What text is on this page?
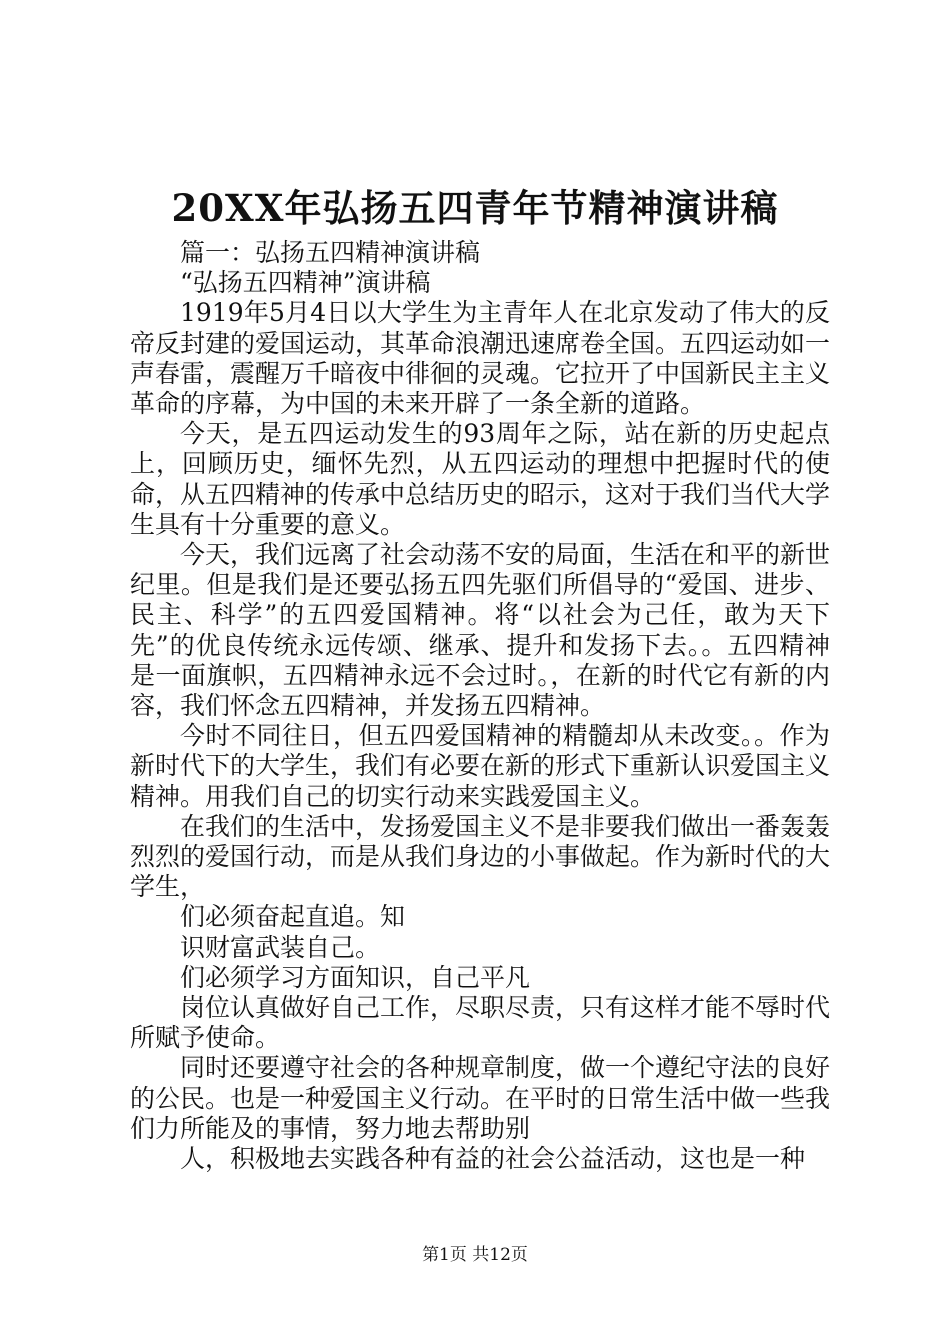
20XX年弘扬五四青年节精神演讲稿

篇一：弘扬五四精神演讲稿

“弘扬五四精神”演讲稿

1919年5月4日以大学生为主青年人在北京发动了伟大的反帝反封建的爱国运动，其革命浪潮迅速席卷全国。五四运动如一声春雷，震醒万千暗夜中徘徊的灵魂。它拉开了中国新民主主义革命的序幕，为中国的未来开辟了一条全新的道路。

今天，是五四运动发生的93周年之际，站在新的历史起点上，回顾历史，缅怀先烈，从五四运动的理想中把握时代的使命，从五四精神的传承中总结历史的昭示，这对于我们当代大学生具有十分重要的意义。

今天，我们远离了社会动荡不安的局面，生活在和平的新世纪里。但是我们是还要弘扬五四先驱们所倡导的“爱国、进步、民主、科学”的五四爱国精神。将“以社会为己任，敢为天下先”的优良传统永远传颂、继承、提升和发扬下去。。五四精神是一面旗帜，五四精神永远不会过时。，在新的时代它有新的内容，我们怀念五四精神，并发扬五四精神。

今时不同往日，但五四爱国精神的精髓却从未改变。。作为新时代下的大学生，我们有必要在新的形式下重新认识爱国主义精神。用我们自己的切实行动来实践爱国主义。

在我们的生活中，发扬爱国主义不是非要我们做出一番轰轰烈烈的爱国行动，而是从我们身边的小事做起。作为新时代的大学生，

们必须奋起直追。知

识财富武装自己。

们必须学习方面知识，自己平凡

岗位认真做好自己工作，尽职尽责，只有这样才能不辱时代所赋予使命。

同时还要遵守社会的各种规章制度，做一个遵纪守法的良好的公民。也是一种爱国主义行动。在平时的日常生活中做一些我们力所能及的事情，努力地去帮助别

人，积极地去实践各种有益的社会公益活动，这也是一种

第1页 共12页
